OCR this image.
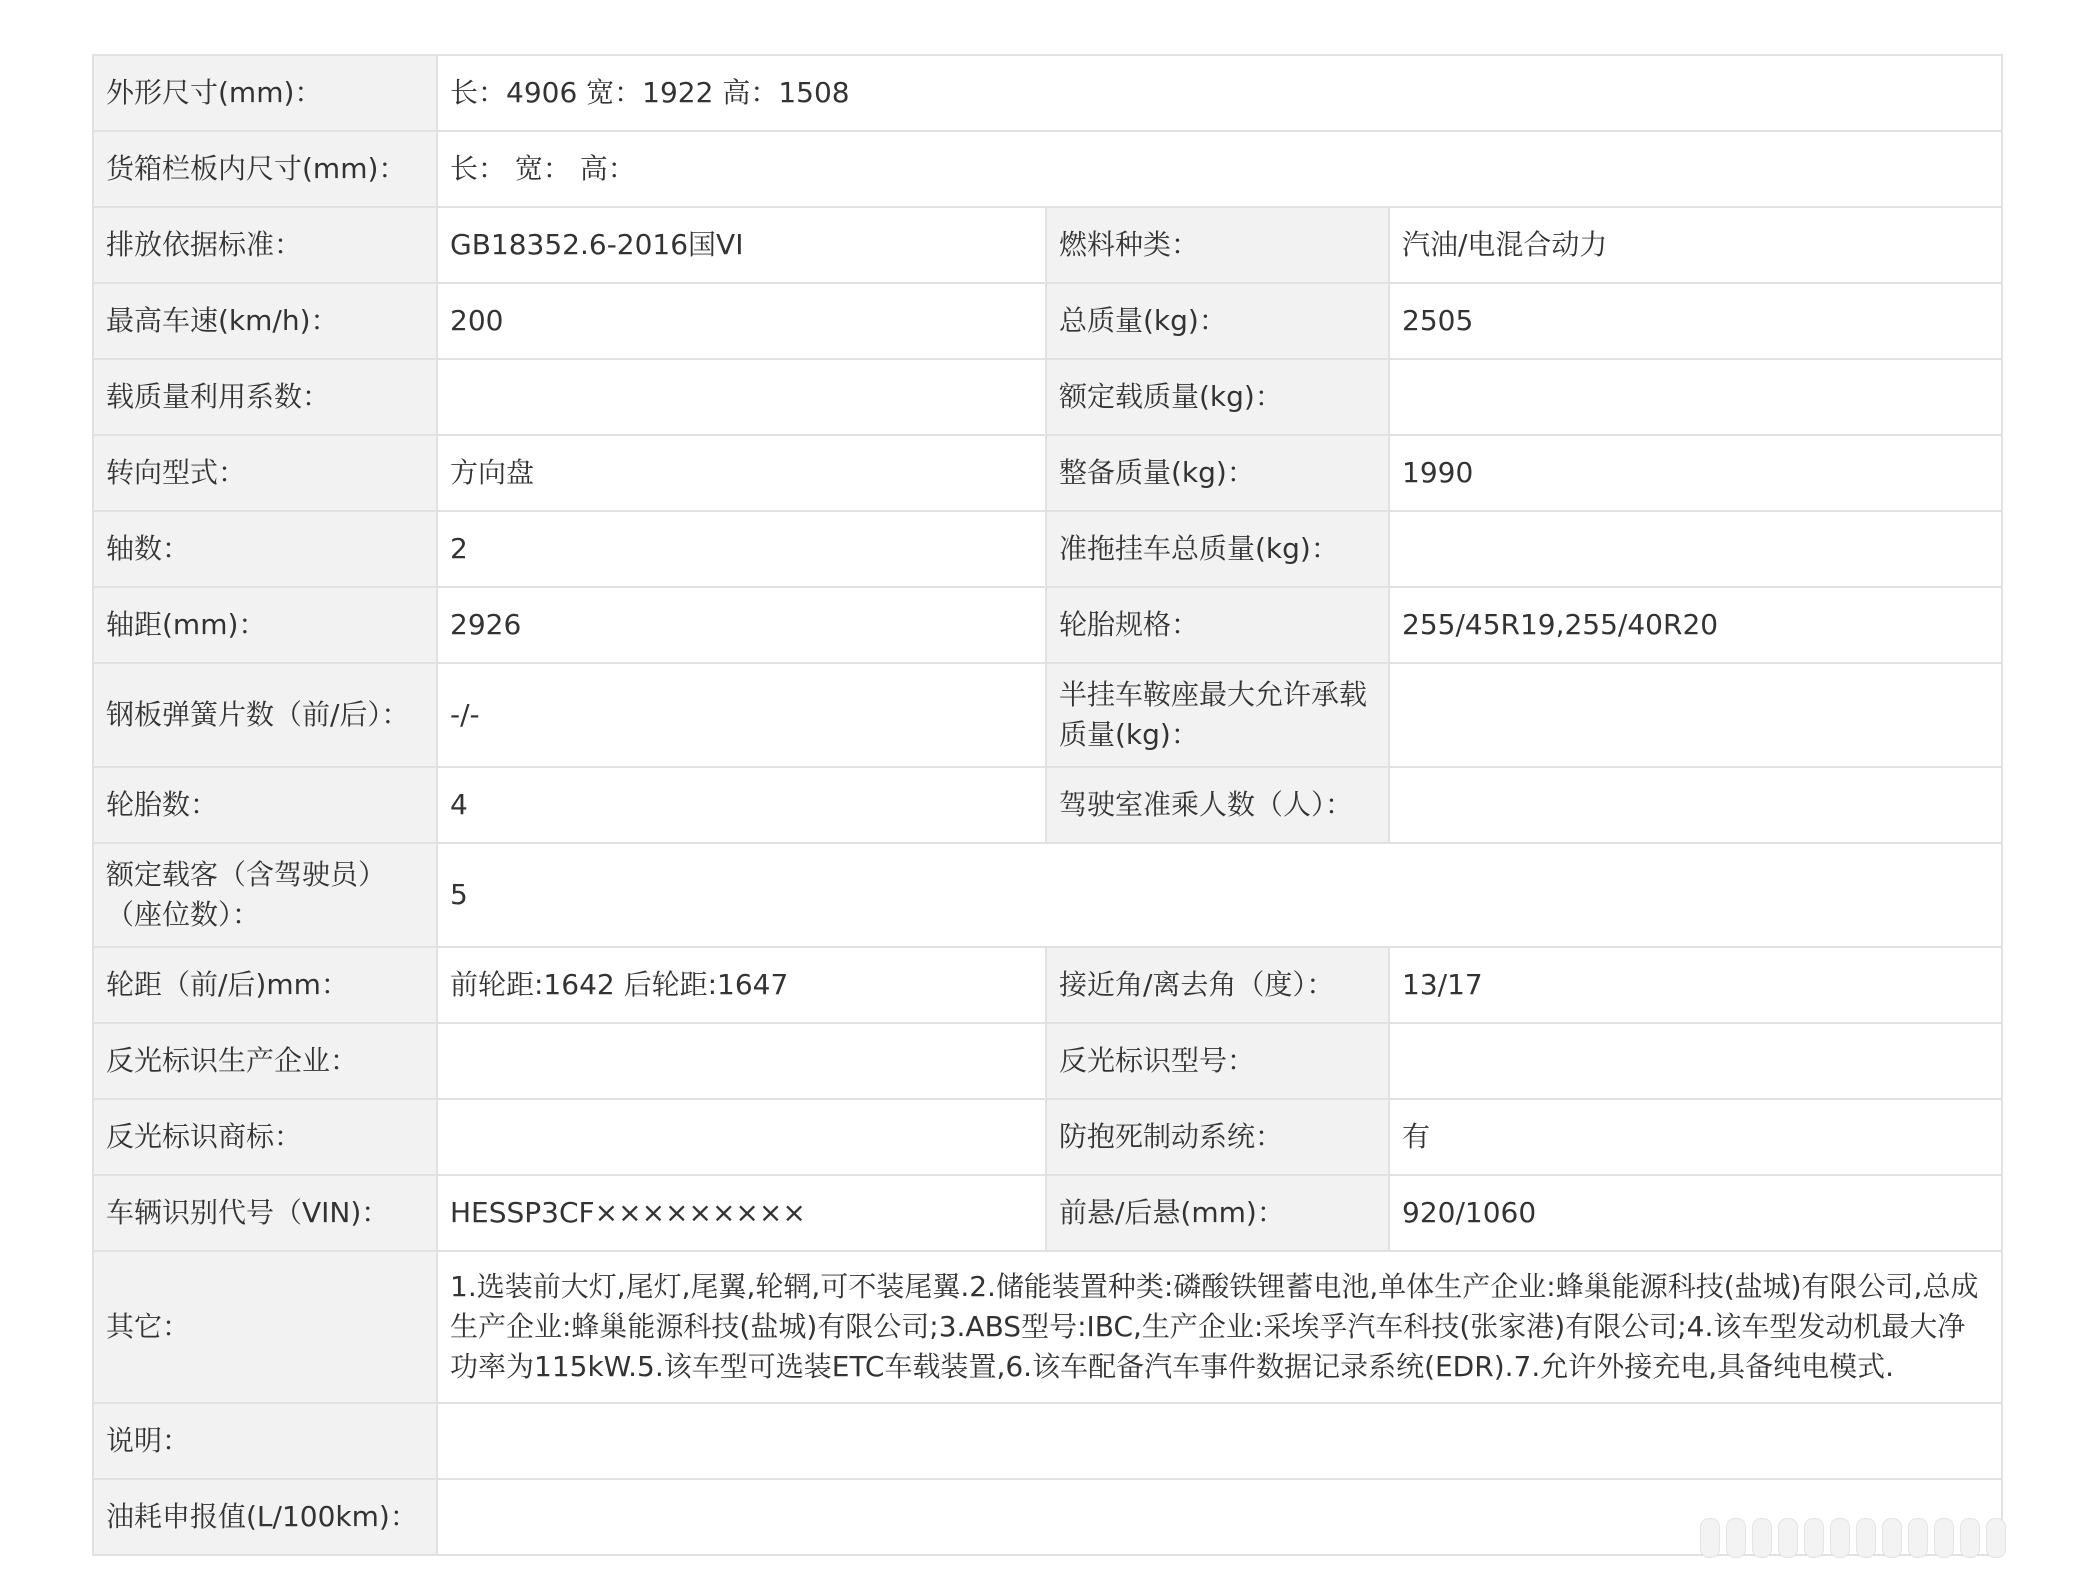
外形尺寸(mm)：	长：4906 宽：1922 高：1508		
货箱栏板内尺寸(mm)：	长： 宽： 高：		
排放依据标准：	GB18352.6-2016国VI	燃料种类：	汽油/电混合动力
最高车速(km/h)：	200	总质量(kg)：	2505
载质量利用系数：		额定载质量(kg)：	
转向型式：	方向盘	整备质量(kg)：	1990
轴数：	2	准拖挂车总质量(kg)：	
轴距(mm)：	2926	轮胎规格：	255/45R19,255/40R20
钢板弹簧片数（前/后）：	-/-	半挂车鞍座最大允许承载质量(kg)：	
轮胎数：	4	驾驶室准乘人数（人）：	
额定载客（含驾驶员）（座位数）：	5		
轮距（前/后)mm：	前轮距:1642 后轮距:1647	接近角/离去角（度）：	13/17
反光标识生产企业：		反光标识型号：	
反光标识商标：		防抱死制动系统：	有
车辆识别代号（VIN)：	HESSP3CF×××××××××	前悬/后悬(mm)：	920/1060
其它：	1.选装前大灯,尾灯,尾翼,轮辋,可不装尾翼.2.储能装置种类:磷酸铁锂蓄电池,单体生产企业:蜂巢能源科技(盐城)有限公司,总成生产企业:蜂巢能源科技(盐城)有限公司;3.ABS型号:IBC,生产企业:采埃孚汽车科技(张家港)有限公司;4.该车型发动机最大净功率为115kW.5.该车型可选装ETC车载装置,6.该车配备汽车事件数据记录系统(EDR).7.允许外接充电,具备纯电模式.		
说明：			
油耗申报值(L/100km)：			
